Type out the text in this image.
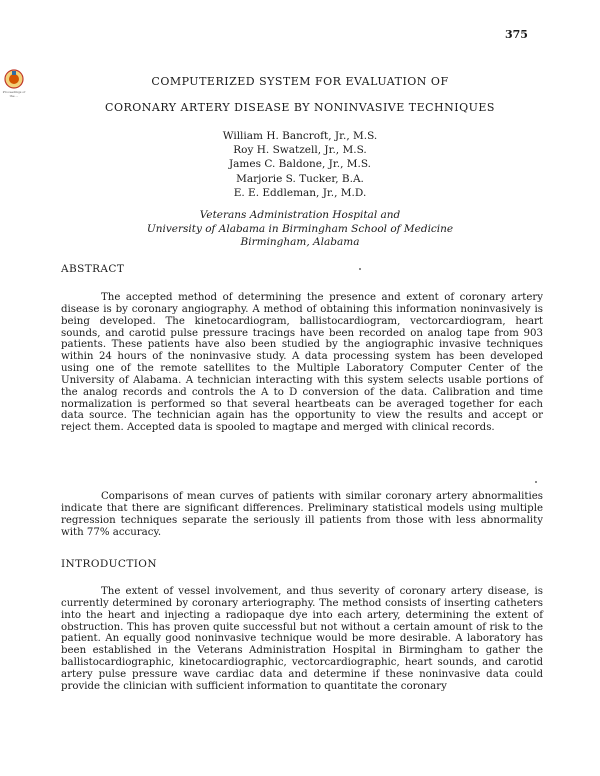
375
Proceedings of the ...
COMPUTERIZED SYSTEM FOR EVALUATION OF
CORONARY ARTERY DISEASE BY NONINVASIVE TECHNIQUES
William H. Bancroft, Jr., M.S.
Roy H. Swatzell, Jr., M.S.
James C. Baldone, Jr., M.S.
Marjorie S. Tucker, B.A.
E. E. Eddleman, Jr., M.D.
Veterans Administration Hospital and
University of Alabama in Birmingham School of Medicine
Birmingham, Alabama
ABSTRACT

The accepted method of determining the presence and extent of coronary artery disease is by coronary angiography. A method of obtaining this information noninvasively is being developed. The kinetocardiogram, ballistocardiogram, vectorcardiogram, heart sounds, and carotid pulse pressure tracings have been recorded on analog tape from 903 patients. These patients have also been studied by the angiographic invasive techniques within 24 hours of the noninvasive study. A data processing system has been developed using one of the remote satellites to the Multiple Laboratory Computer Center of the University of Alabama. A technician interacting with this system selects usable portions of the analog records and controls the A to D conversion of the data. Calibration and time normalization is performed so that several heartbeats can be averaged together for each data source. The technician again has the opportunity to view the results and accept or reject them. Accepted data is spooled to magtape and merged with clinical records.

Comparisons of mean curves of patients with similar coronary artery abnormalities indicate that there are significant differences. Preliminary statistical models using multiple regression techniques separate the seriously ill patients from those with less abnormality with 77% accuracy.

INTRODUCTION

The extent of vessel involvement, and thus severity of coronary artery disease, is currently determined by coronary arteriography. The method consists of inserting catheters into the heart and injecting a radiopaque dye into each artery, determining the extent of obstruction. This has proven quite successful but not without a certain amount of risk to the patient. An equally good noninvasive technique would be more desirable. A laboratory has been established in the Veterans Administration Hospital in Birmingham to gather the ballistocardiographic, kinetocardiographic, vectorcardiographic, heart sounds, and carotid artery pulse pressure wave cardiac data and determine if these noninvasive data could provide the clinician with sufficient information to quantitate the coronary
